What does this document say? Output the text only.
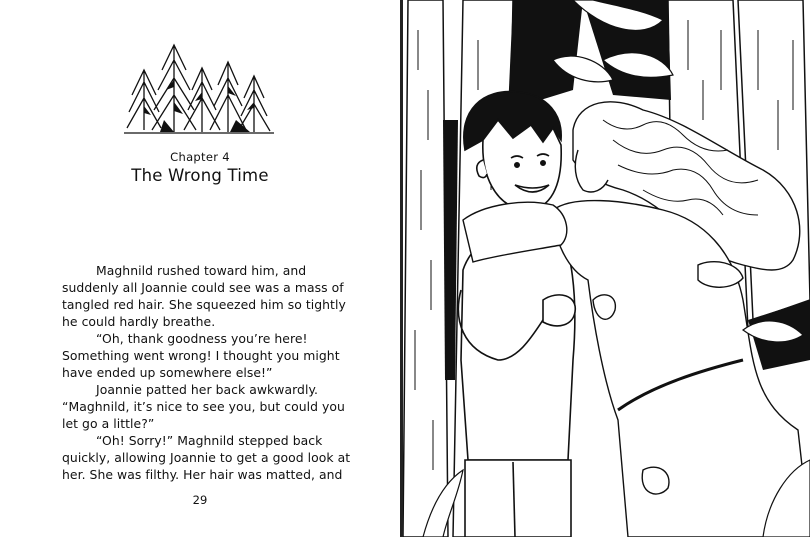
Chapter 4
The Wrong Time

Maghnild rushed toward him, and suddenly all Joannie could see was a mass of tangled red hair. She squeezed him so tightly he could hardly breathe.

“Oh, thank goodness you’re here! Something went wrong! I thought you might have ended up somewhere else!”

Joannie patted her back awkwardly. “Maghnild, it’s nice to see you, but could you let go a little?”

“Oh! Sorry!” Maghnild stepped back quickly, allowing Joannie to get a good look at her. She was filthy. Her hair was matted, and

29
